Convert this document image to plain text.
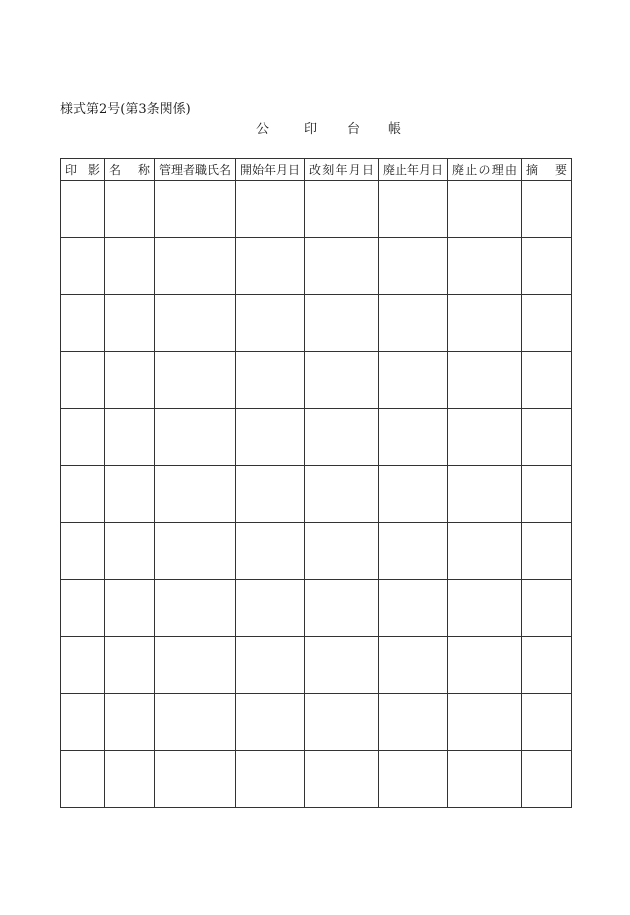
様式第2号(第3条関係)
公	印 台 帳
印 影	名 称	管理者職氏名	開始年月日	改 刻 年 月 日	廃止年月日	廃 止 の 理 由	摘 要
